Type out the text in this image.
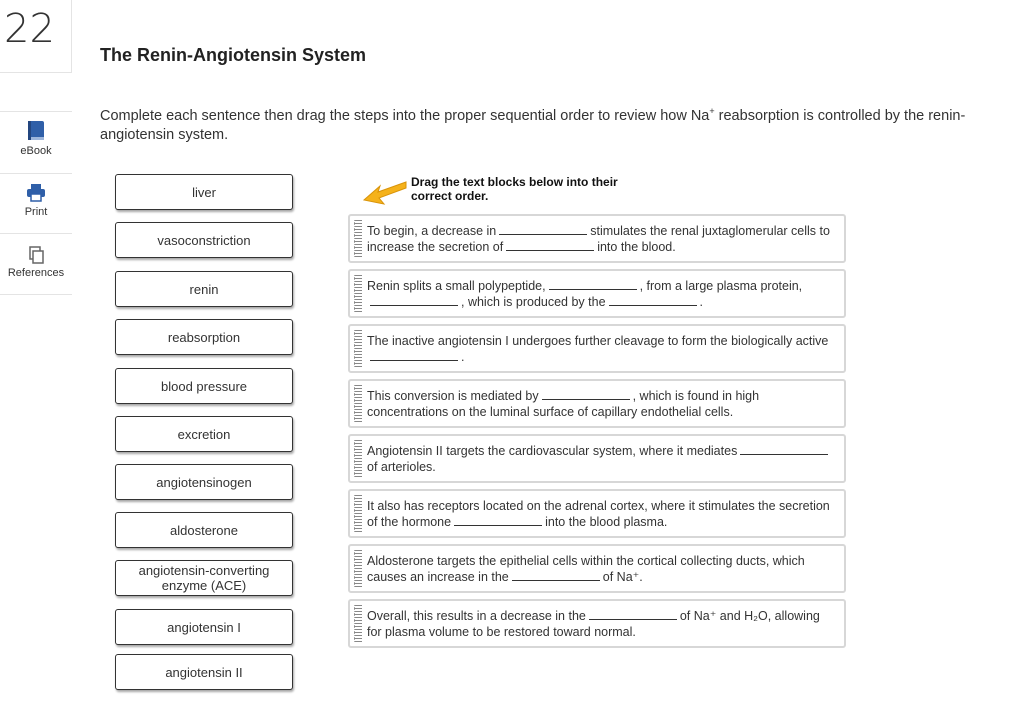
22
eBook
Print
References
The Renin-Angiotensin System
Complete each sentence then drag the steps into the proper sequential order to review how Na+ reabsorption is controlled by the renin-angiotensin system.
liver
vasoconstriction
renin
reabsorption
blood pressure
excretion
angiotensinogen
aldosterone
angiotensin-converting enzyme (ACE)
angiotensin I
angiotensin II
Drag the text blocks below into their correct order.
To begin, a decrease in	stimulates the renal juxtaglomerular cells to increase the secretion of	into the blood.
Renin splits a small polypeptide,	, from a large plasma protein,, which is produced by the	.
The inactive angiotensin I undergoes further cleavage to form the biologically active.
This conversion is mediated by	, which is found in high concentrations on the luminal surface of capillary endothelial cells.
Angiotensin II targets the cardiovascular system, where it mediatesof arterioles.
It also has receptors located on the adrenal cortex, where it stimulates the secretion of the hormone	into the blood plasma.
Aldosterone targets the epithelial cells within the cortical collecting ducts, which causes an increase in the	of Na⁺.
Overall, this results in a decrease in the	of Na⁺ and H₂O, allowing for plasma volume to be restored toward normal.
